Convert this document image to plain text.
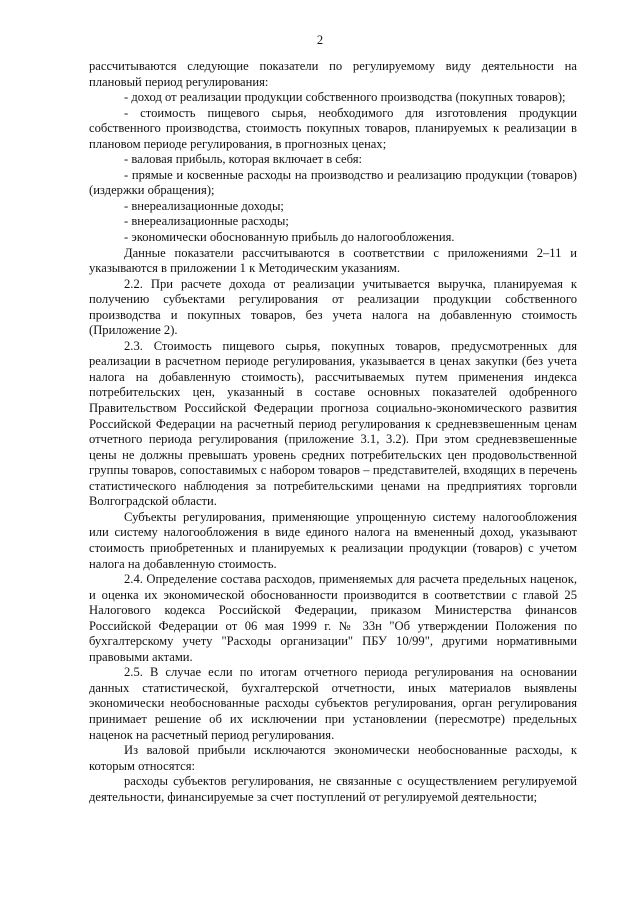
2

рассчитываются следующие показатели по регулируемому виду деятельности на плановый период регулирования:

- доход от реализации продукции собственного производства (покупных товаров);

- стоимость пищевого сырья, необходимого для изготовления продукции собственного производства, стоимость покупных товаров, планируемых к реализации в плановом периоде регулирования, в прогнозных ценах;

- валовая прибыль, которая включает в себя:

- прямые и косвенные расходы на производство и реализацию продукции (товаров) (издержки обращения);

- внереализационные доходы;

- внереализационные расходы;

- экономически обоснованную прибыль до налогообложения.

Данные показатели рассчитываются в соответствии с приложениями 2–11 и указываются в приложении 1 к Методическим указаниям.

2.2. При расчете дохода от реализации учитывается выручка, планируемая к получению субъектами регулирования от реализации продукции собственного производства и покупных товаров, без учета налога на добавленную стоимость (Приложение 2).

2.3. Стоимость пищевого сырья, покупных товаров, предусмотренных для реализации в расчетном периоде регулирования, указывается в ценах закупки (без учета налога на добавленную стоимость), рассчитываемых путем применения индекса потребительских цен, указанный в составе основных показателей одобренного Правительством Российской Федерации прогноза социально-экономического развития Российской Федерации на расчетный период регулирования к средневзвешенным ценам отчетного периода регулирования (приложение 3.1, 3.2). При этом средневзвешенные цены не должны превышать уровень средних потребительских цен продовольственной группы товаров, сопоставимых с набором товаров – представителей, входящих в перечень статистического наблюдения за потребительскими ценами на предприятиях торговли Волгоградской области.

Субъекты регулирования, применяющие упрощенную систему налогообложения или систему налогообложения в виде единого налога на вмененный доход, указывают стоимость приобретенных и планируемых к реализации продукции (товаров) с учетом налога на добавленную стоимость.

2.4. Определение состава расходов, применяемых для расчета предельных наценок, и оценка их экономической обоснованности производится в соответствии с главой 25 Налогового кодекса Российской Федерации, приказом Министерства финансов Российской Федерации от 06 мая 1999 г. № 33н "Об утверждении Положения по бухгалтерскому учету "Расходы организации" ПБУ 10/99", другими нормативными правовыми актами.

2.5. В случае если по итогам отчетного периода регулирования на основании данных статистической, бухгалтерской отчетности, иных материалов выявлены экономически необоснованные расходы субъектов регулирования, орган регулирования принимает решение об их исключении при установлении (пересмотре) предельных наценок на расчетный период регулирования.

Из валовой прибыли исключаются экономически необоснованные расходы, к которым относятся:

расходы субъектов регулирования, не связанные с осуществлением регулируемой деятельности, финансируемые за счет поступлений от регулируемой деятельности;
